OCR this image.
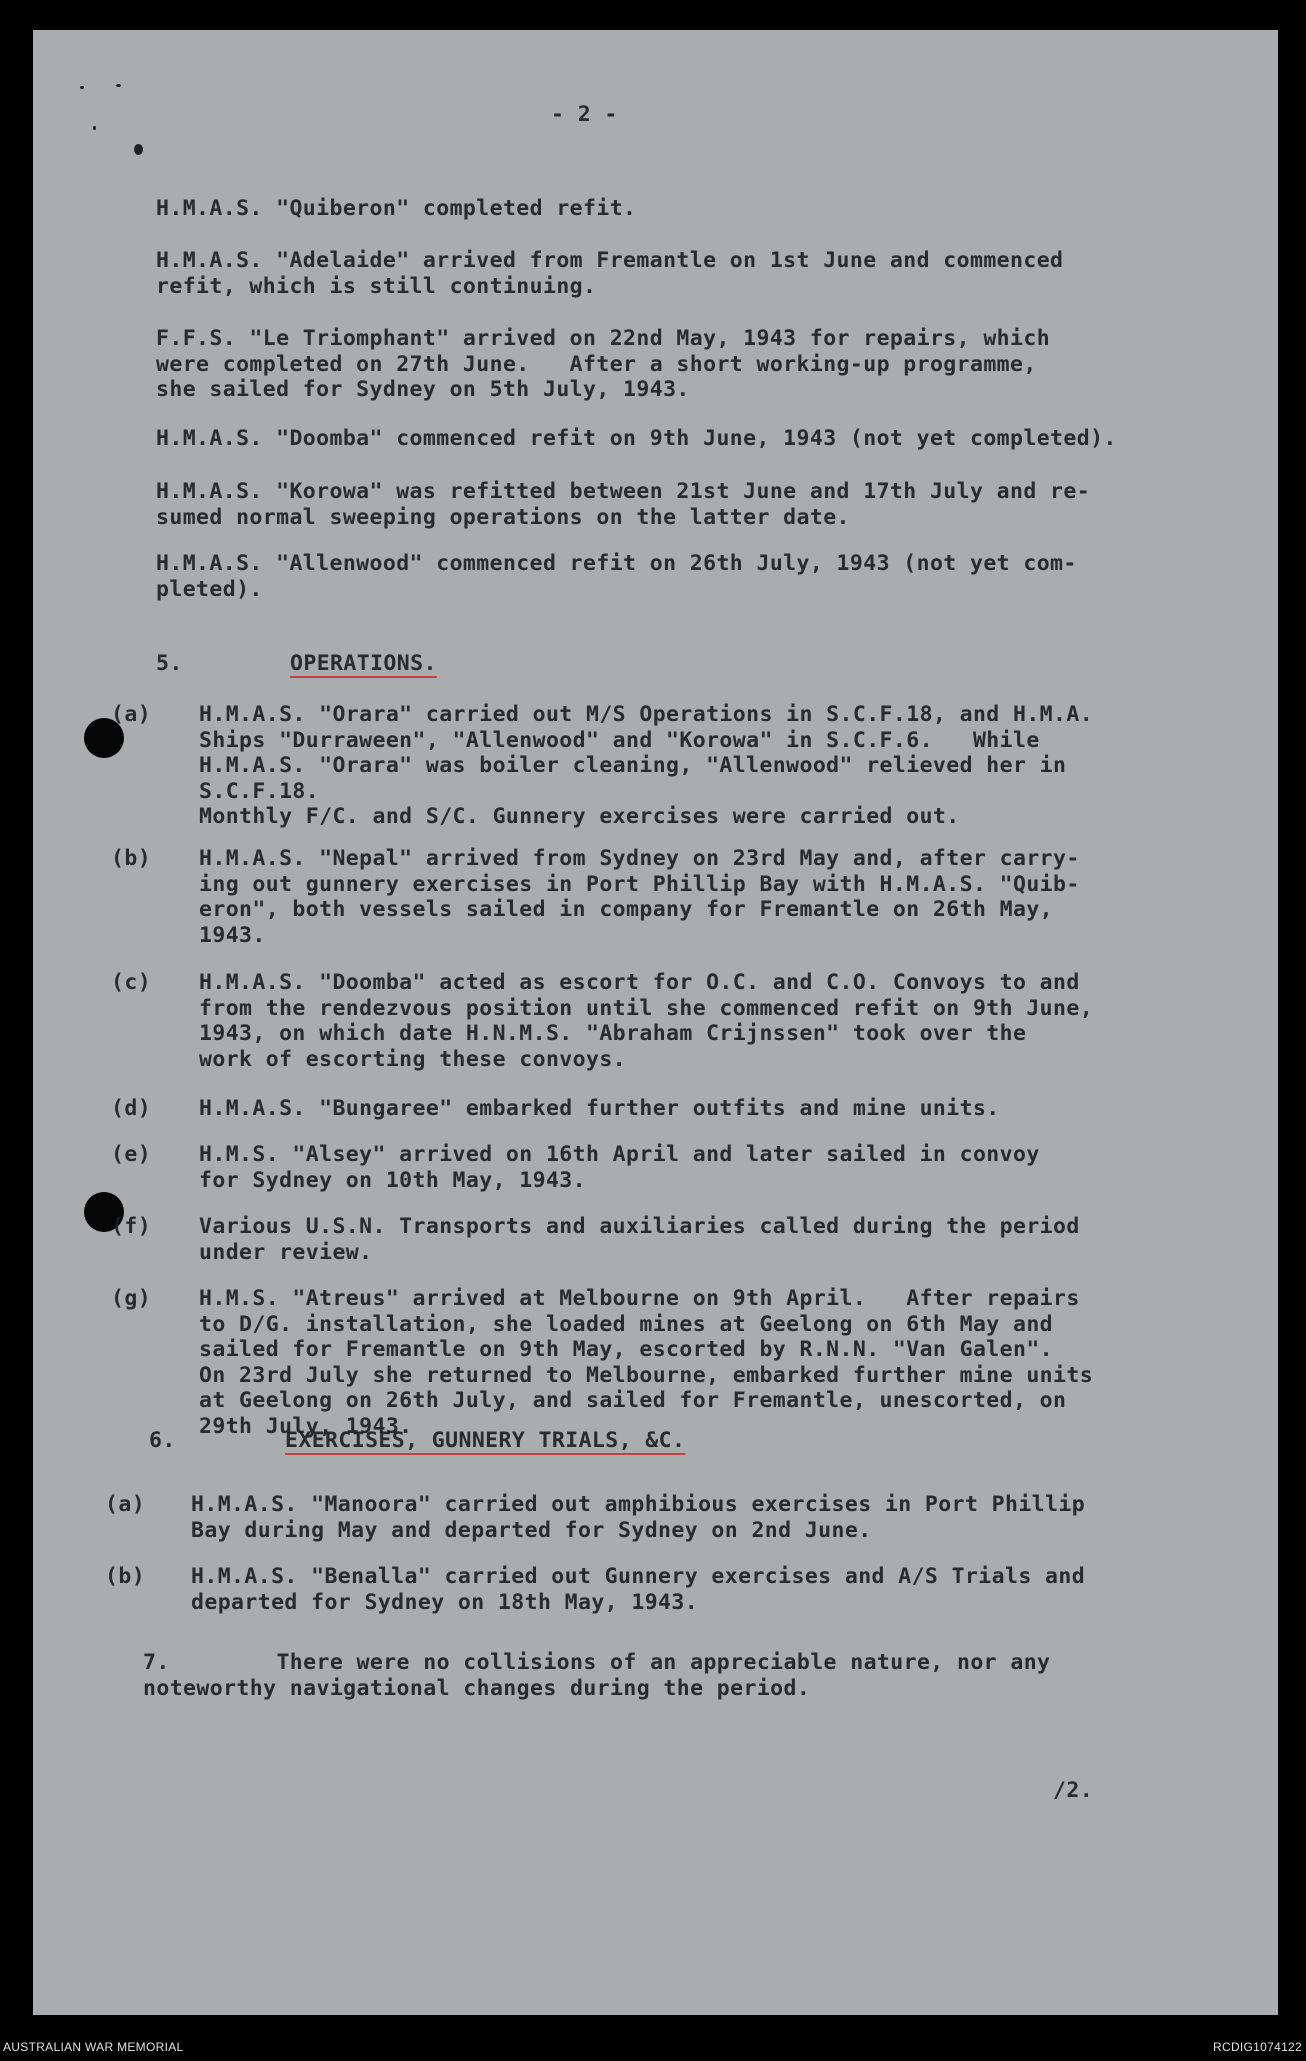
- 2 -

H.M.A.S. "Quiberon" completed refit.

H.M.A.S. "Adelaide" arrived from Fremantle on 1st June and commenced
refit, which is still continuing.

F.F.S. "Le Triomphant" arrived on 22nd May, 1943 for repairs, which
were completed on 27th June.   After a short working-up programme,
she sailed for Sydney on 5th July, 1943.

H.M.A.S. "Doomba" commenced refit on 9th June, 1943 (not yet completed).

H.M.A.S. "Korowa" was refitted between 21st June and 17th July and re-
sumed normal sweeping operations on the latter date.

H.M.A.S. "Allenwood" commenced refit on 26th July, 1943 (not yet com-
pleted).

5.	OPERATIONS.

(a) H.M.A.S. "Orara" carried out M/S Operations in S.C.F.18, and H.M.A.
Ships "Durraween", "Allenwood" and "Korowa" in S.C.F.6.   While
H.M.A.S. "Orara" was boiler cleaning, "Allenwood" relieved her in
S.C.F.18.
Monthly F/C. and S/C. Gunnery exercises were carried out.

(b) H.M.A.S. "Nepal" arrived from Sydney on 23rd May and, after carry-
ing out gunnery exercises in Port Phillip Bay with H.M.A.S. "Quib-
eron", both vessels sailed in company for Fremantle on 26th May,
1943.

(c) H.M.A.S. "Doomba" acted as escort for O.C. and C.O. Convoys to and
from the rendezvous position until she commenced refit on 9th June,
1943, on which date H.N.M.S. "Abraham Crijnssen" took over the
work of escorting these convoys.

(d) H.M.A.S. "Bungaree" embarked further outfits and mine units.

(e) H.M.S. "Alsey" arrived on 16th April and later sailed in convoy
for Sydney on 10th May, 1943.

(f) Various U.S.N. Transports and auxiliaries called during the period
under review.

(g) H.M.S. "Atreus" arrived at Melbourne on 9th April.   After repairs
to D/G. installation, she loaded mines at Geelong on 6th May and
sailed for Fremantle on 9th May, escorted by R.N.N. "Van Galen".
On 23rd July she returned to Melbourne, embarked further mine units
at Geelong on 26th July, and sailed for Fremantle, unescorted, on
29th July, 1943.

6.	EXERCISES, GUNNERY TRIALS, &C.

(a) H.M.A.S. "Manoora" carried out amphibious exercises in Port Phillip
Bay during May and departed for Sydney on 2nd June.

(b) H.M.A.S. "Benalla" carried out Gunnery exercises and A/S Trials and
departed for Sydney on 18th May, 1943.

7.        There were no collisions of an appreciable nature, nor any
noteworthy navigational changes during the period.

/2.

AUSTRALIAN WAR MEMORIAL	RCDIG1074122
